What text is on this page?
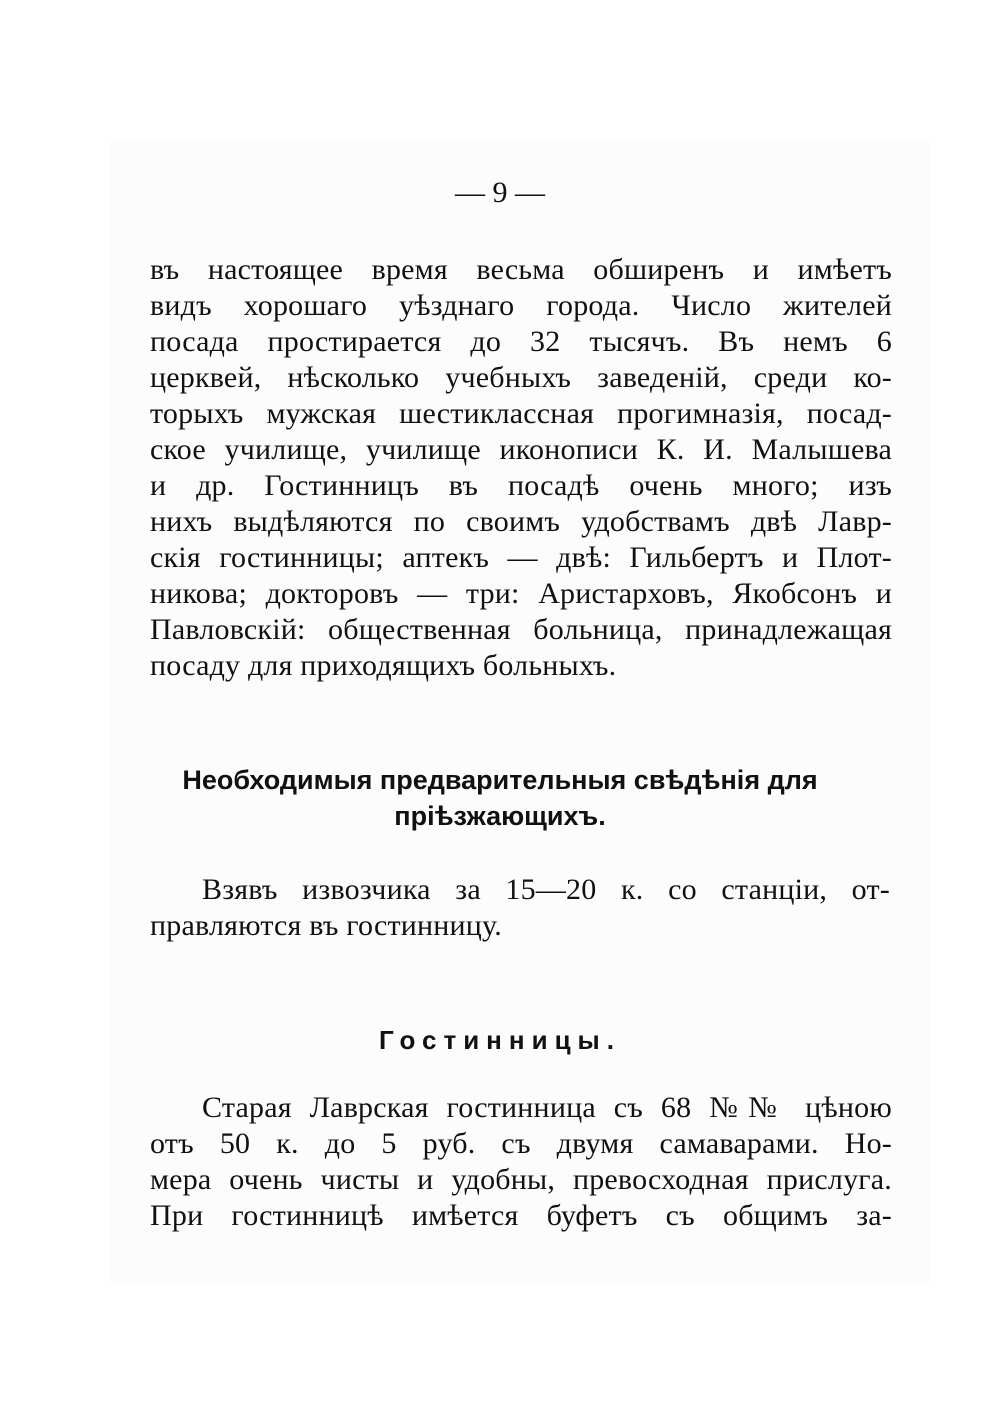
— 9 —

въ настоящее время весьма обширенъ и имѣетъ

видъ хорошаго уѣзднаго города. Число жителей

посада простирается до 32 тысячъ. Въ немъ 6

церквей, нѣсколько учебныхъ заведеній, среди ко-

торыхъ мужская шестиклассная прогимназія, посад-

ское училище, училище иконописи К. И. Малышева

и др. Гостинницъ въ посадѣ очень много; изъ

нихъ выдѣляются по своимъ удобствамъ двѣ Лавр-

скія гостинницы; аптекъ — двѣ: Гильбертъ и Плот-

никова; докторовъ — три: Аристарховъ, Якобсонъ и

Павловскій: общественная больница, принадлежащая

посаду для приходящихъ больныхъ.

Необходимыя предварительныя свѣдѣнія для

пріѣзжающихъ.

Взявъ извозчика за 15—20 к. со станціи, от-

правляются въ гостинницу.

Гостинницы.

Старая Лаврская гостинница съ 68 №№ цѣною

отъ 50 к. до 5 руб. съ двумя самаварами. Но-

мера очень чисты и удобны, превосходная прислуга.

При гостинницѣ имѣется буфетъ съ общимъ за-
